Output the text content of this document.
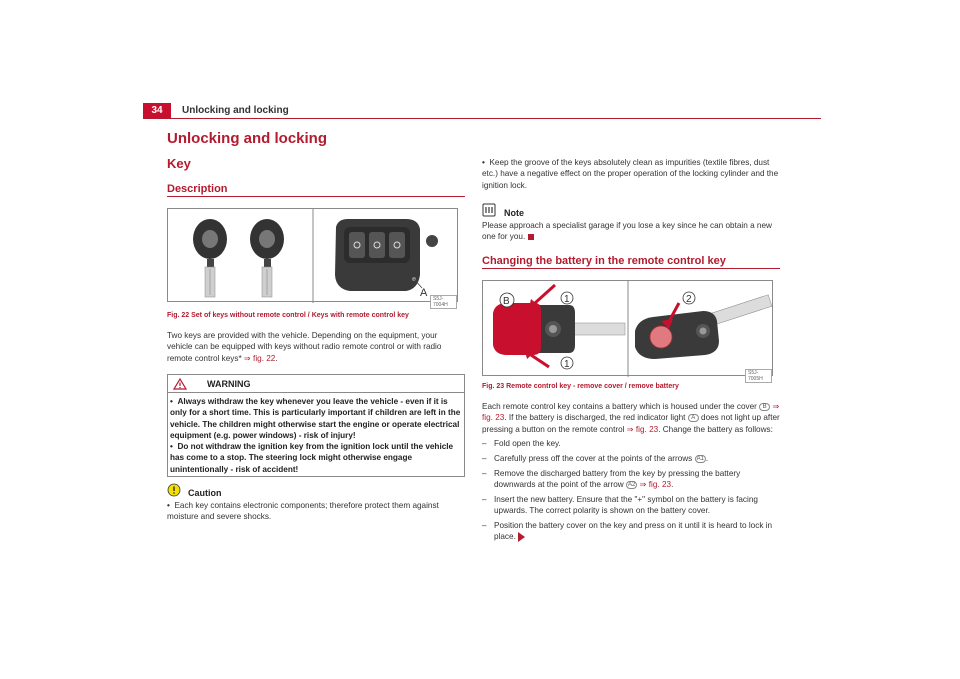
34	Unlocking and locking
Unlocking and locking
Key
Description
A	S5J-7004H
Fig. 22 Set of keys without remote control / Keys with remote control key
Two keys are provided with the vehicle. Depending on the equipment, your vehicle can be equipped with keys without radio remote control or with radio remote control keys* ⇒ fig. 22.
WARNING
• Always withdraw the key whenever you leave the vehicle - even if it is only for a short time. This is particularly important if children are left in the vehicle. The children might otherwise start the engine or operate electrical equipment (e.g. power windows) - risk of injury!
• Do not withdraw the ignition key from the ignition lock until the vehicle has come to a stop. The steering lock might otherwise engage unintentionally - risk of accident!
Caution
• Each key contains electronic components; therefore protect them against moisture and severe shocks.
• Keep the groove of the keys absolutely clean as impurities (textile fibres, dust etc.) have a negative effect on the proper operation of the locking cylinder and the ignition lock.
Note
Please approach a specialist garage if you lose a key since he can obtain a new one for you.
Changing the battery in the remote control key
B	1
1
2
S5J-7005H
Fig. 23 Remote control key - remove cover / remove battery
Each remote control key contains a battery which is housed under the cover B ⇒ fig. 23. If the battery is discharged, the red indicator light A does not light up after pressing a button on the remote control ⇒ fig. 23. Change the battery as follows:
– Fold open the key.
– Carefully press off the cover at the points of the arrows A1 .
– Remove the discharged battery from the key by pressing the battery downwards at the point of the arrow A2 ⇒ fig. 23.
– Insert the new battery. Ensure that the "+" symbol on the battery is facing upwards. The correct polarity is shown on the battery cover.
– Position the battery cover on the key and press on it until it is heard to lock in place.
